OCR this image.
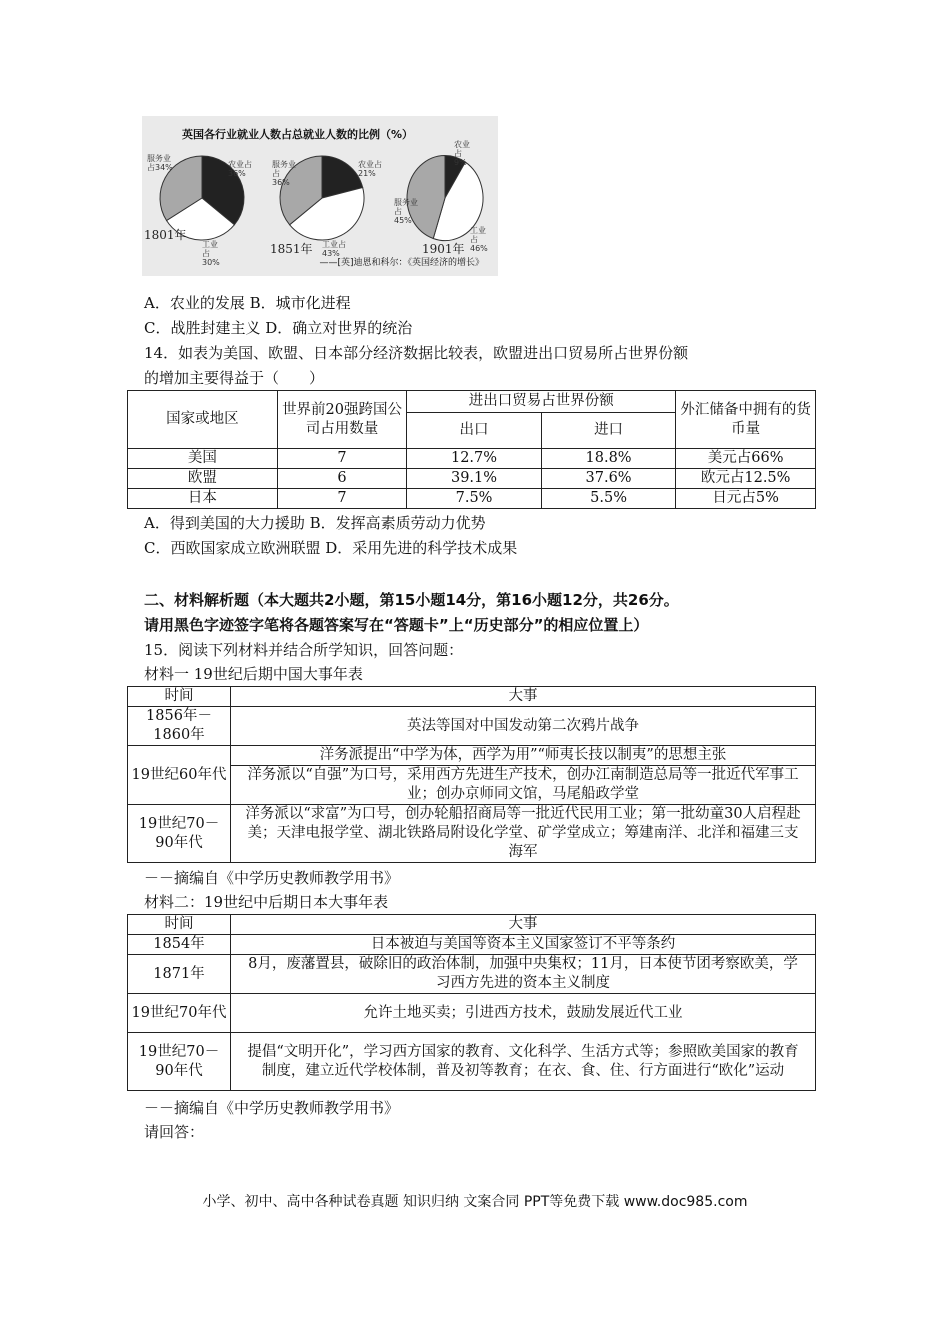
英国各行业就业人数占总就业人数的比例（%）
服务业占34%	农业占36%
工业占30%
1801年
服务业占36%
农业占21%
工业占43%
1851年
服务业占45%
农业占9%
工业占46%
1901年
——[英]迪恩和科尔：《英国经济的增长》
A．农业的发展 B．城市化进程
C．战胜封建主义 D．确立对世界的统治
14．如表为美国、欧盟、日本部分经济数据比较表，欧盟进出口贸易所占世界份额
的增加主要得益于（　　）
国家或地区	世界前20强跨国公司占用数量	进出口贸易占世界份额		外汇储备中拥有的货币量
		出口	进口	
美国	7	12.7%	18.8%	美元占66%
欧盟	6	39.1%	37.6%	欧元占12.5%
日本	7	7.5%	5.5%	日元占5%
A．得到美国的大力援助 B．发挥高素质劳动力优势
C．西欧国家成立欧洲联盟 D．采用先进的科学技术成果
二、材料解析题（本大题共2小题，第15小题14分，第16小题12分，共26分。
请用黑色字迹签字笔将各题答案写在“答题卡”上“历史部分”的相应位置上）
15．阅读下列材料并结合所学知识，回答问题：
材料一 19世纪后期中国大事年表
时间	大事
1856年－1860年	英法等国对中国发动第二次鸦片战争
19世纪60年代	洋务派提出“中学为体，西学为用”“师夷长技以制夷”的思想主张
	洋务派以“自强”为口号，采用西方先进生产技术，创办江南制造总局等一批近代军事工业；创办京师同文馆，马尾船政学堂
19世纪70－90年代	洋务派以“求富”为口号，创办轮船招商局等一批近代民用工业；第一批幼童30人启程赴美；天津电报学堂、湖北铁路局附设化学堂、矿学堂成立；筹建南洋、北洋和福建三支海军
－－摘编自《中学历史教师教学用书》
材料二：19世纪中后期日本大事年表
时间	大事
1854年	日本被迫与美国等资本主义国家签订不平等条约
1871年	8月，废藩置县，破除旧的政治体制，加强中央集权；11月，日本使节团考察欧美，学习西方先进的资本主义制度
19世纪70年代	允许土地买卖；引进西方技术，鼓励发展近代工业
19世纪70－90年代	提倡“文明开化”，学习西方国家的教育、文化科学、生活方式等；参照欧美国家的教育制度，建立近代学校体制，普及初等教育；在衣、食、住、行方面进行“欧化”运动
－－摘编自《中学历史教师教学用书》
请回答：
小学、初中、高中各种试卷真题 知识归纳 文案合同 PPT等免费下载 www.doc985.com
